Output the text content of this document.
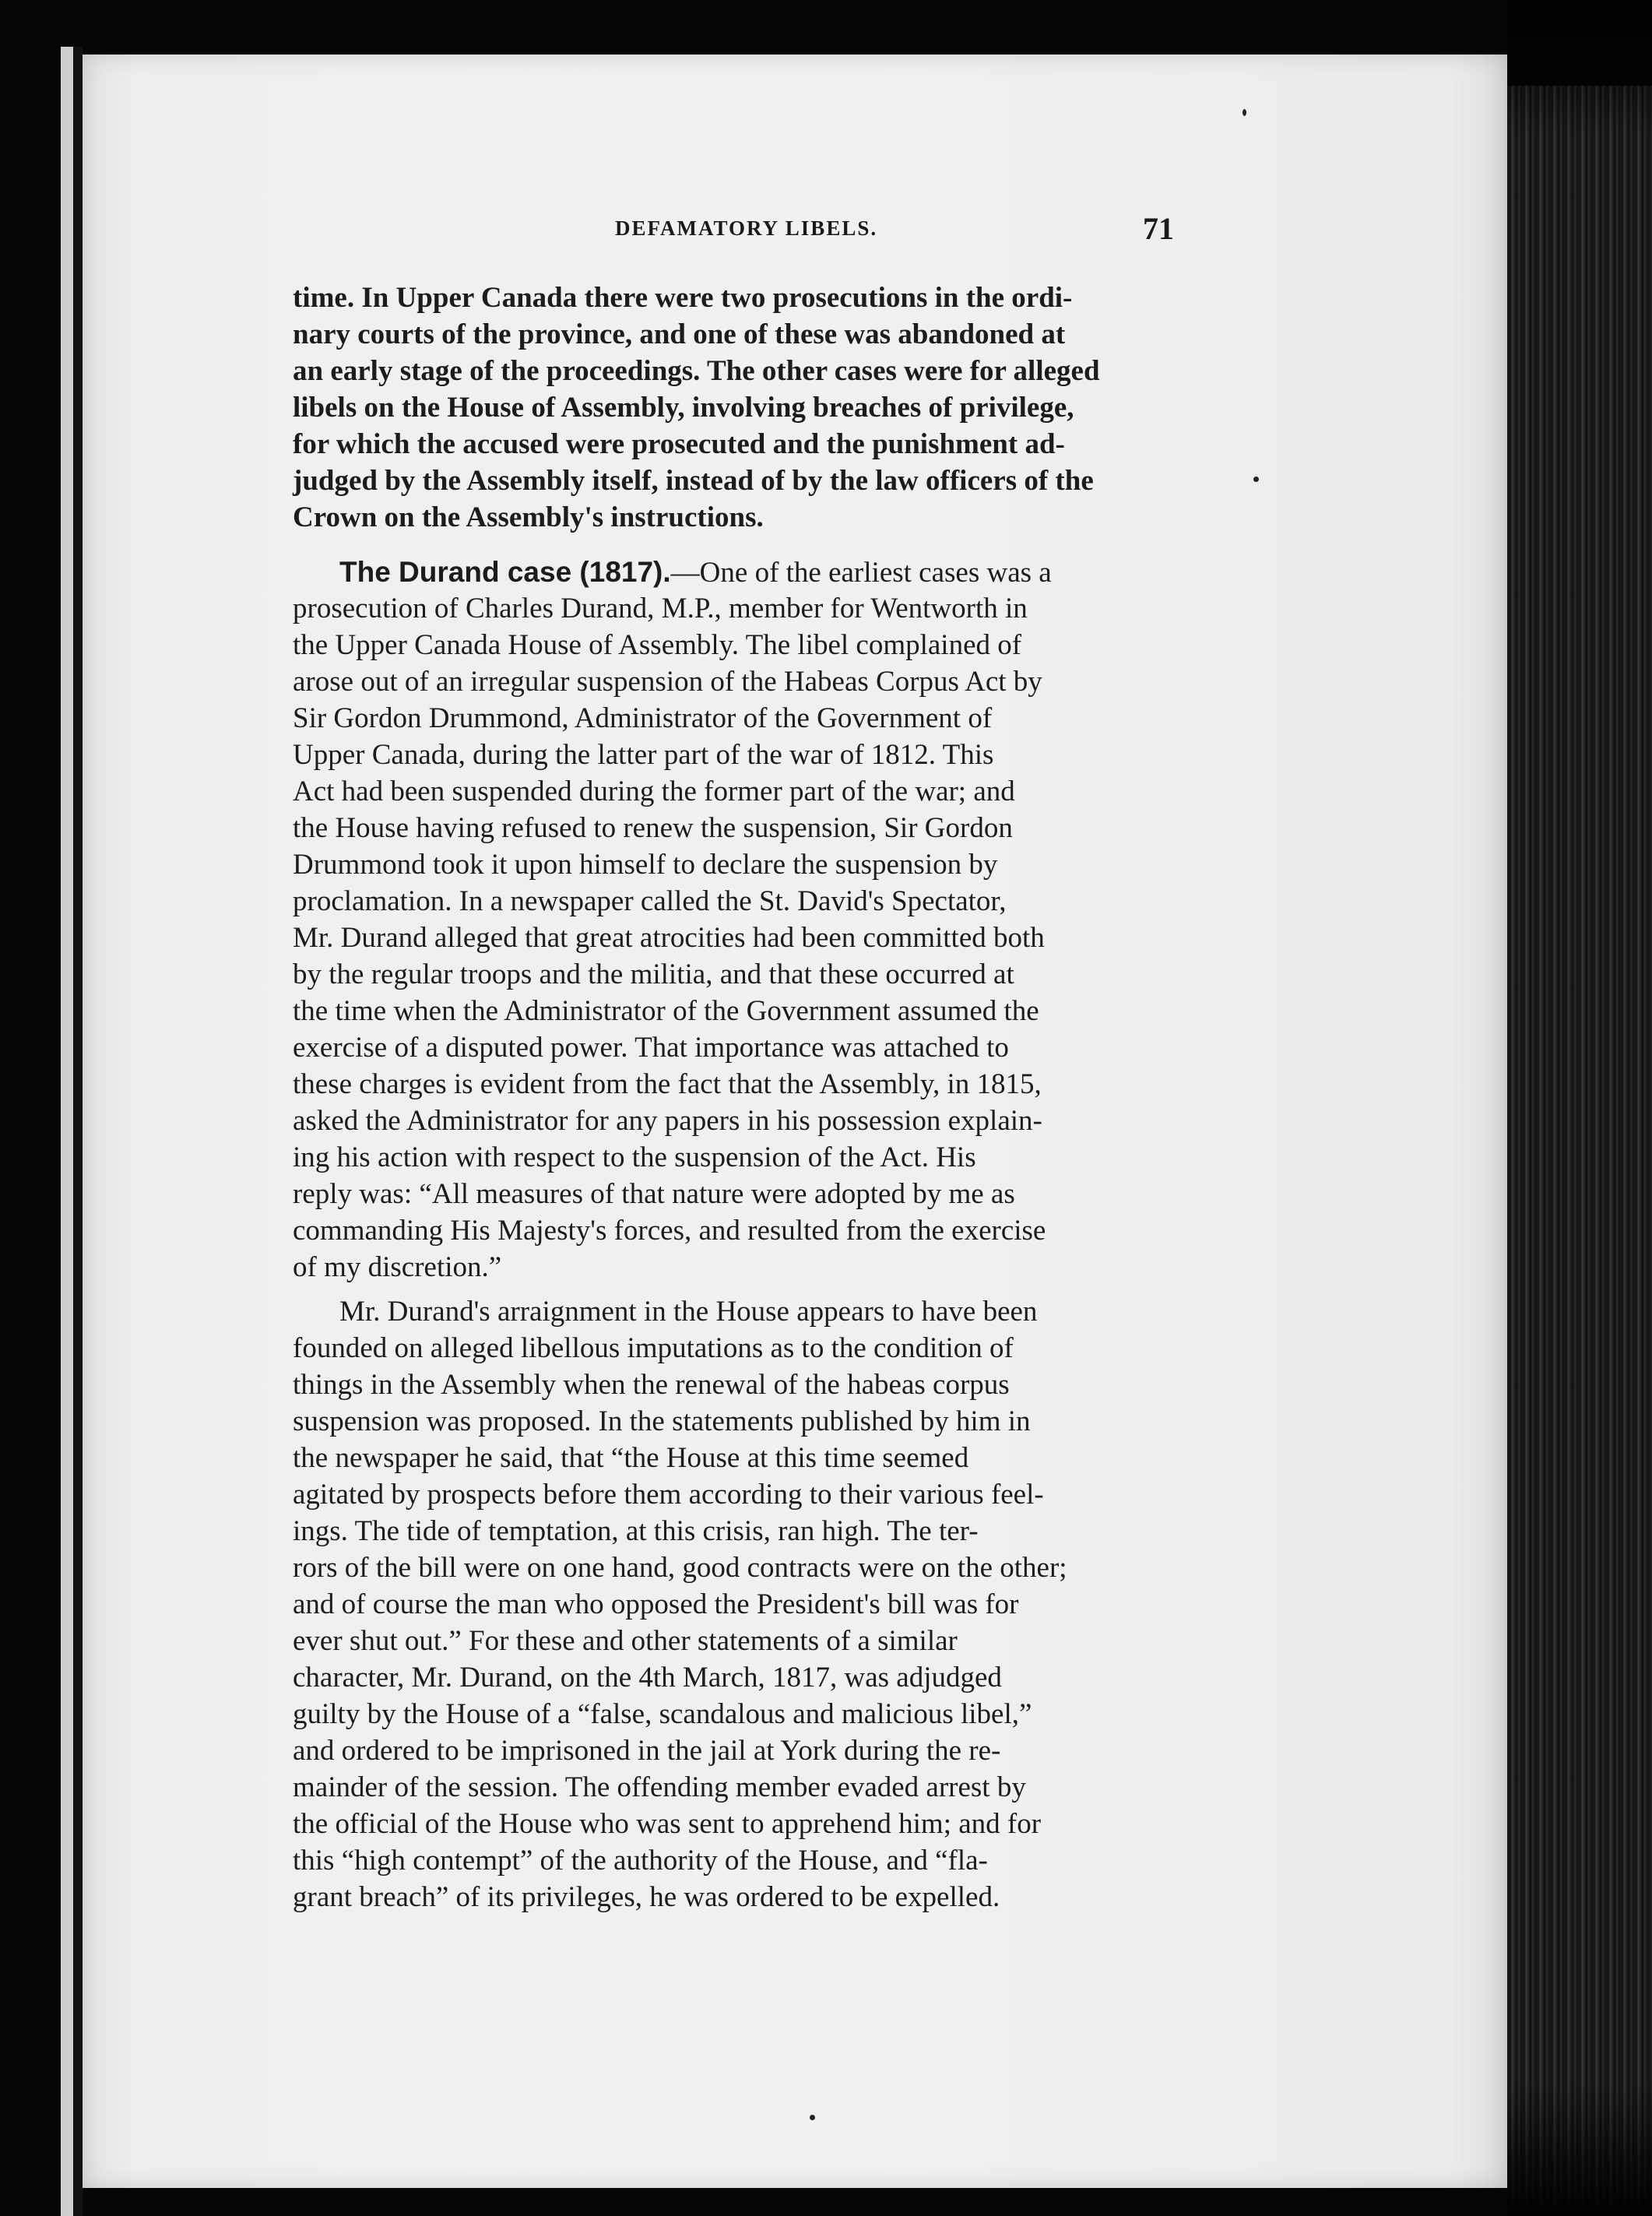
DEFAMATORY LIBELS.	71
time. In Upper Canada there were two prosecutions in the ordi-
nary courts of the province, and one of these was abandoned at
an early stage of the proceedings. The other cases were for alleged
libels on the House of Assembly, involving breaches of privilege,
for which the accused were prosecuted and the punishment ad-
judged by the Assembly itself, instead of by the law officers of the
Crown on the Assembly's instructions.
The Durand case (1817).—One of the earliest cases was a
prosecution of Charles Durand, M.P., member for Wentworth in
the Upper Canada House of Assembly. The libel complained of
arose out of an irregular suspension of the Habeas Corpus Act by
Sir Gordon Drummond, Administrator of the Government of
Upper Canada, during the latter part of the war of 1812. This
Act had been suspended during the former part of the war; and
the House having refused to renew the suspension, Sir Gordon
Drummond took it upon himself to declare the suspension by
proclamation. In a newspaper called the St. David's Spectator,
Mr. Durand alleged that great atrocities had been committed both
by the regular troops and the militia, and that these occurred at
the time when the Administrator of the Government assumed the
exercise of a disputed power. That importance was attached to
these charges is evident from the fact that the Assembly, in 1815,
asked the Administrator for any papers in his possession explain-
ing his action with respect to the suspension of the Act. His
reply was: “All measures of that nature were adopted by me as
commanding His Majesty's forces, and resulted from the exercise
of my discretion.”
Mr. Durand's arraignment in the House appears to have been
founded on alleged libellous imputations as to the condition of
things in the Assembly when the renewal of the habeas corpus
suspension was proposed. In the statements published by him in
the newspaper he said, that “the House at this time seemed
agitated by prospects before them according to their various feel-
ings. The tide of temptation, at this crisis, ran high. The ter-
rors of the bill were on one hand, good contracts were on the other;
and of course the man who opposed the President's bill was for
ever shut out.” For these and other statements of a similar
character, Mr. Durand, on the 4th March, 1817, was adjudged
guilty by the House of a “false, scandalous and malicious libel,”
and ordered to be imprisoned in the jail at York during the re-
mainder of the session. The offending member evaded arrest by
the official of the House who was sent to apprehend him; and for
this “high contempt” of the authority of the House, and “fla-
grant breach” of its privileges, he was ordered to be expelled.
